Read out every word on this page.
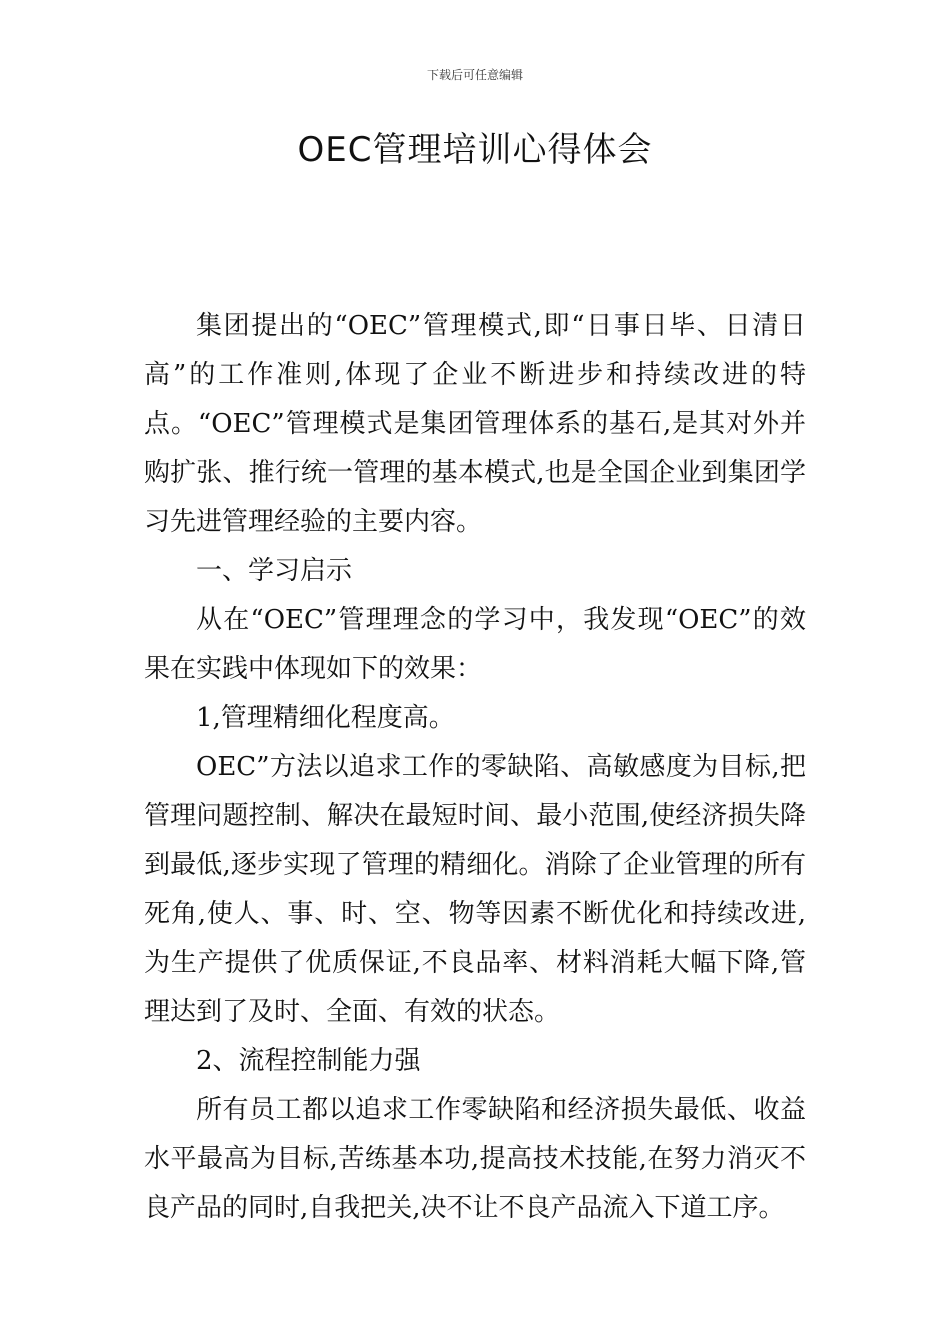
下载后可任意编辑
OEC管理培训心得体会

集团提出的“OEC”管理模式,即“日事日毕、日清日高”的工作准则,体现了企业不断进步和持续改进的特点。“OEC”管理模式是集团管理体系的基石,是其对外并购扩张、推行统一管理的基本模式,也是全国企业到集团学习先进管理经验的主要内容。

一、学习启示

从在“OEC”管理理念的学习中，我发现“OEC”的效果在实践中体现如下的效果：

1,管理精细化程度高。

OEC”方法以追求工作的零缺陷、高敏感度为目标,把管理问题控制、解决在最短时间、最小范围,使经济损失降到最低,逐步实现了管理的精细化。消除了企业管理的所有死角,使人、事、时、空、物等因素不断优化和持续改进,为生产提供了优质保证,不良品率、材料消耗大幅下降,管理达到了及时、全面、有效的状态。

2、流程控制能力强

所有员工都以追求工作零缺陷和经济损失最低、收益水平最高为目标,苦练基本功,提高技术技能,在努力消灭不良产品的同时,自我把关,决不让不良产品流入下道工序。
